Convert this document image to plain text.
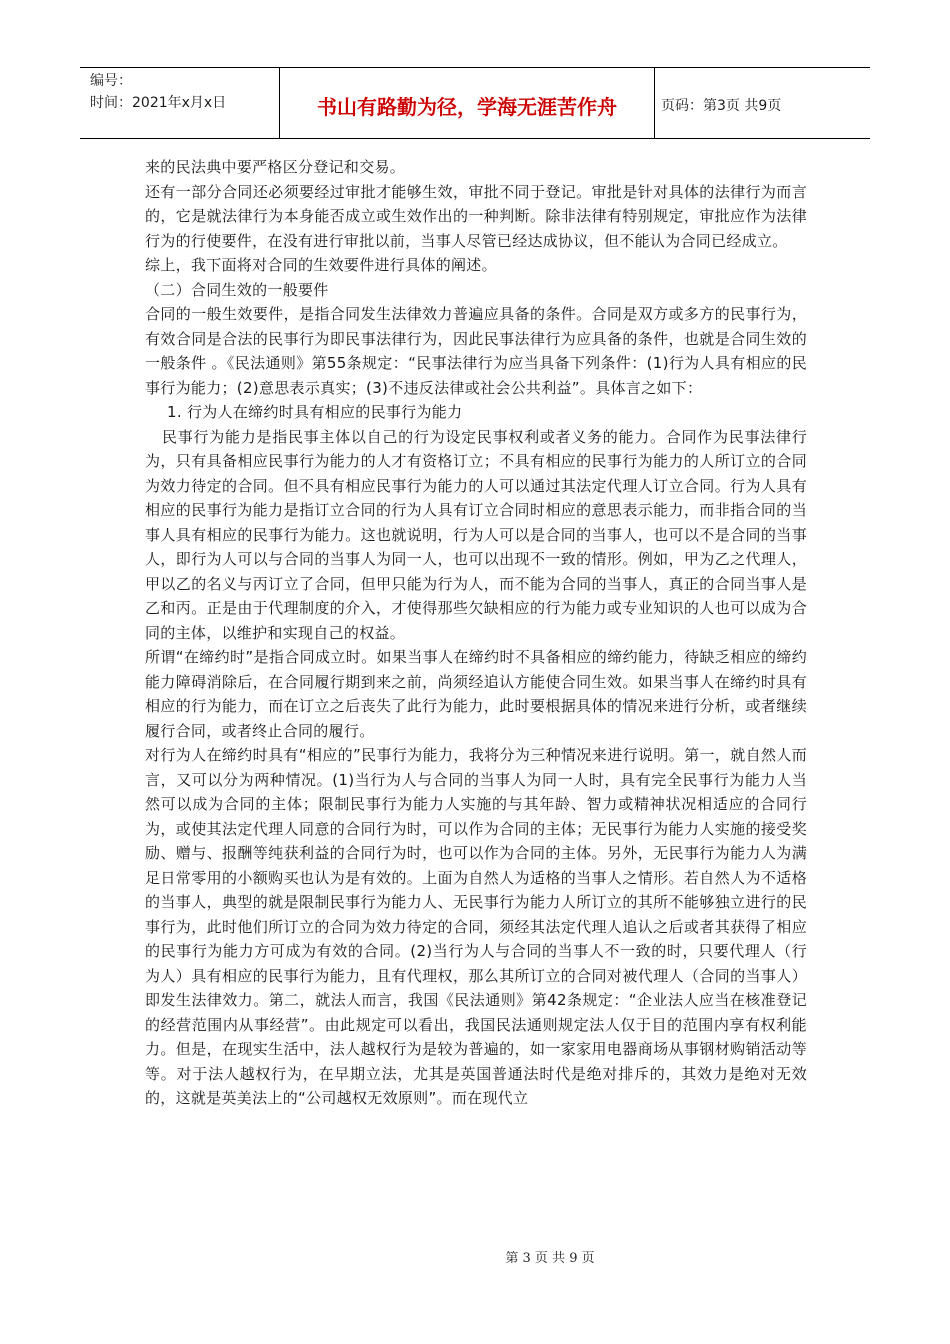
编号：
时间：2021年x月x日	书山有路勤为径，学海无涯苦作舟	页码：第3页 共9页

来的民法典中要严格区分登记和交易。

还有一部分合同还必须要经过审批才能够生效，审批不同于登记。审批是针对具体的法律行为而言的，它是就法律行为本身能否成立或生效作出的一种判断。除非法律有特别规定，审批应作为法律行为的行使要件，在没有进行审批以前，当事人尽管已经达成协议，但不能认为合同已经成立。

综上，我下面将对合同的生效要件进行具体的阐述。

（二）合同生效的一般要件

合同的一般生效要件，是指合同发生法律效力普遍应具备的条件。合同是双方或多方的民事行为，有效合同是合法的民事行为即民事法律行为，因此民事法律行为应具备的条件，也就是合同生效的一般条件 。《民法通则》第55条规定：“民事法律行为应当具备下列条件：(1)行为人具有相应的民事行为能力；(2)意思表示真实；(3)不违反法律或社会公共利益”。具体言之如下：

1. 行为人在缔约时具有相应的民事行为能力

民事行为能力是指民事主体以自己的行为设定民事权利或者义务的能力。合同作为民事法律行为，只有具备相应民事行为能力的人才有资格订立；不具有相应的民事行为能力的人所订立的合同为效力待定的合同。但不具有相应民事行为能力的人可以通过其法定代理人订立合同。行为人具有相应的民事行为能力是指订立合同的行为人具有订立合同时相应的意思表示能力，而非指合同的当事人具有相应的民事行为能力。这也就说明，行为人可以是合同的当事人，也可以不是合同的当事人，即行为人可以与合同的当事人为同一人，也可以出现不一致的情形。例如，甲为乙之代理人，甲以乙的名义与丙订立了合同，但甲只能为行为人，而不能为合同的当事人，真正的合同当事人是乙和丙。正是由于代理制度的介入，才使得那些欠缺相应的行为能力或专业知识的人也可以成为合同的主体，以维护和实现自己的权益。

所谓“在缔约时”是指合同成立时。如果当事人在缔约时不具备相应的缔约能力，待缺乏相应的缔约能力障碍消除后，在合同履行期到来之前，尚须经追认方能使合同生效。如果当事人在缔约时具有相应的行为能力，而在订立之后丧失了此行为能力，此时要根据具体的情况来进行分析，或者继续履行合同，或者终止合同的履行。

对行为人在缔约时具有“相应的”民事行为能力，我将分为三种情况来进行说明。第一，就自然人而言，又可以分为两种情况。(1)当行为人与合同的当事人为同一人时，具有完全民事行为能力人当然可以成为合同的主体；限制民事行为能力人实施的与其年龄、智力或精神状况相适应的合同行为，或使其法定代理人同意的合同行为时，可以作为合同的主体；无民事行为能力人实施的接受奖励、赠与、报酬等纯获利益的合同行为时，也可以作为合同的主体。另外，无民事行为能力人为满足日常零用的小额购买也认为是有效的。上面为自然人为适格的当事人之情形。若自然人为不适格的当事人，典型的就是限制民事行为能力人、无民事行为能力人所订立的其所不能够独立进行的民事行为，此时他们所订立的合同为效力待定的合同，须经其法定代理人追认之后或者其获得了相应的民事行为能力方可成为有效的合同。(2)当行为人与合同的当事人不一致的时，只要代理人（行为人）具有相应的民事行为能力，且有代理权，那么其所订立的合同对被代理人（合同的当事人）即发生法律效力。第二，就法人而言，我国《民法通则》第42条规定：“企业法人应当在核准登记的经营范围内从事经营”。由此规定可以看出，我国民法通则规定法人仅于目的范围内享有权利能力。但是，在现实生活中，法人越权行为是较为普遍的，如一家家用电器商场从事钢材购销活动等等。对于法人越权行为，在早期立法，尤其是英国普通法时代是绝对排斥的，其效力是绝对无效的，这就是英美法上的“公司越权无效原则”。而在现代立

第 3 页 共 9 页
